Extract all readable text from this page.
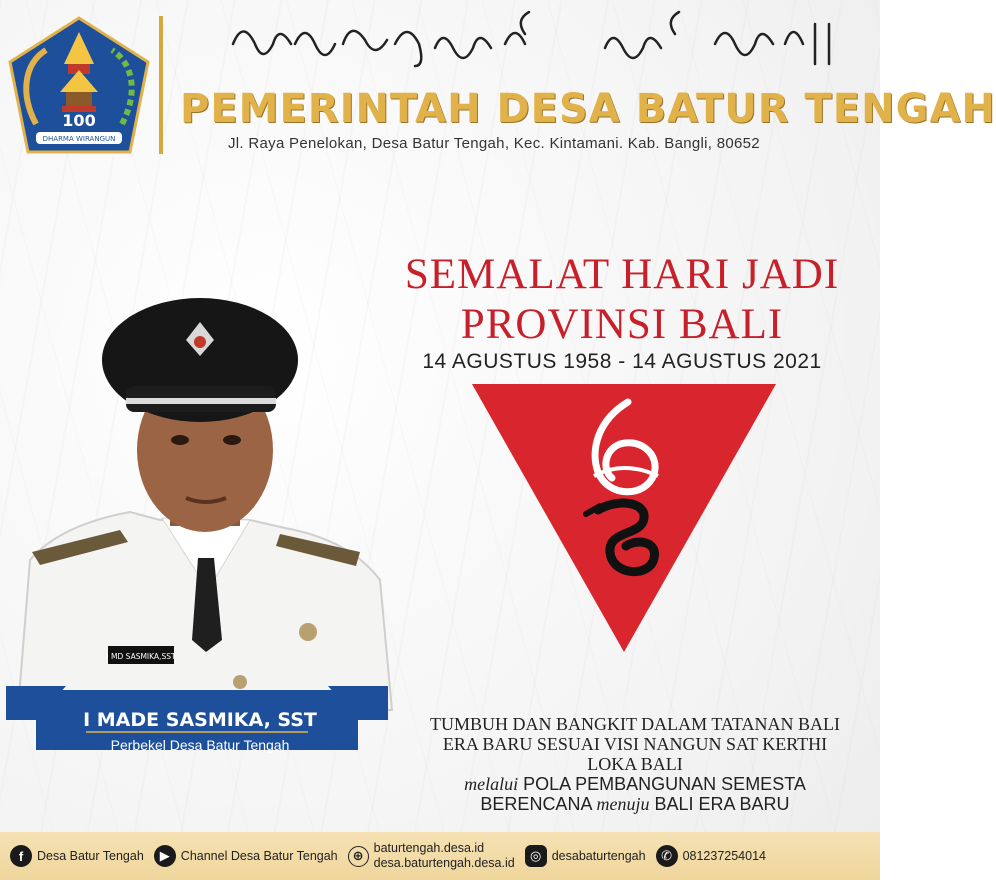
100
DHARMA WIRANGUN
PEMERINTAH DESA BATUR TENGAH
Jl. Raya Penelokan, Desa Batur Tengah, Kec. Kintamani. Kab. Bangli, 80652
SEMALAT HARI JADI
PROVINSI BALI
14 AGUSTUS 1958 - 14 AGUSTUS 2021
I MD SASMIKA,SST
I MADE SASMIKA, SST
Perbekel Desa Batur Tengah
TUMBUH DAN BANGKIT DALAM TATANAN BALI
ERA BARU SESUAI VISI NANGUN SAT KERTHI
LOKA BALI
melalui POLA PEMBANGUNAN SEMESTA
BERENCANA menuju BALI ERA BARU
f	Desa Batur Tengah	▶ Channel Desa Batur Tengah	⊕ baturtengah.desa.id
desa.baturtengah.desa.id	◎ desabaturtengah	✆ 081237254014
